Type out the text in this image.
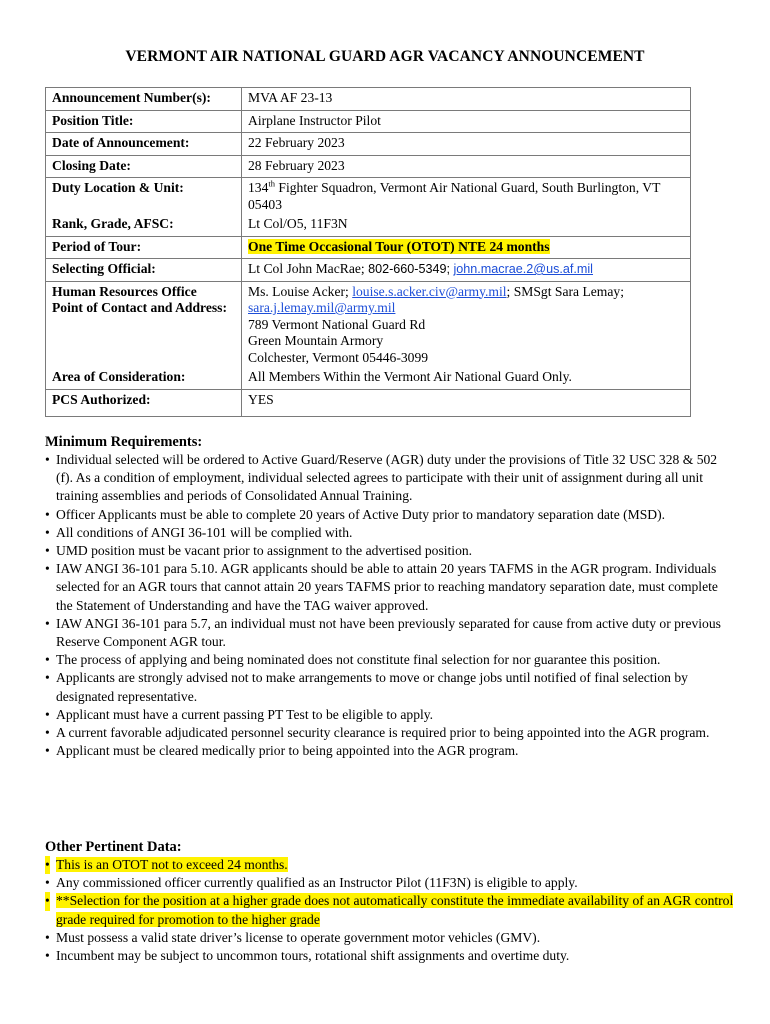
VERMONT AIR NATIONAL GUARD AGR VACANCY ANNOUNCEMENT
Announcement Number(s):	MVA AF 23-13
Position Title:	Airplane Instructor Pilot
Date of Announcement:	22 February 2023
Closing Date:	28 February 2023
Duty Location & Unit:	134th Fighter Squadron, Vermont Air National Guard, South Burlington, VT
05403
Rank, Grade, AFSC:	Lt Col/O5, 11F3N
Period of Tour:	One Time Occasional Tour (OTOT) NTE 24 months
Selecting Official:	Lt Col John MacRae; 802-660-5349; john.macrae.2@us.af.mil
Human Resources Office
Point of Contact and Address:	Ms. Louise Acker; louise.s.acker.civ@army.mil; SMSgt Sara Lemay;
sara.j.lemay.mil@army.mil
789 Vermont National Guard Rd
Green Mountain Armory
Colchester, Vermont 05446-3099
Area of Consideration:	All Members Within the Vermont Air National Guard Only.
PCS Authorized:	YES
Minimum Requirements:
• Individual selected will be ordered to Active Guard/Reserve (AGR) duty under the provisions of Title 32 USC 328 & 502 (f). As a condition of employment, individual selected agrees to participate with their unit of assignment during all unit training assemblies and periods of Consolidated Annual Training.
• Officer Applicants must be able to complete 20 years of Active Duty prior to mandatory separation date (MSD).
• All conditions of ANGI 36-101 will be complied with.
• UMD position must be vacant prior to assignment to the advertised position.
• IAW ANGI 36-101 para 5.10. AGR applicants should be able to attain 20 years TAFMS in the AGR program. Individuals selected for an AGR tours that cannot attain 20 years TAFMS prior to reaching mandatory separation date, must complete the Statement of Understanding and have the TAG waiver approved.
• IAW ANGI 36-101 para 5.7, an individual must not have been previously separated for cause from active duty or previous Reserve Component AGR tour.
• The process of applying and being nominated does not constitute final selection for nor guarantee this position.
• Applicants are strongly advised not to make arrangements to move or change jobs until notified of final selection by designated representative.
• Applicant must have a current passing PT Test to be eligible to apply.
• A current favorable adjudicated personnel security clearance is required prior to being appointed into the AGR program.
• Applicant must be cleared medically prior to being appointed into the AGR program.
Other Pertinent Data:
• This is an OTOT not to exceed 24 months.
• Any commissioned officer currently qualified as an Instructor Pilot (11F3N) is eligible to apply.
• **Selection for the position at a higher grade does not automatically constitute the immediate availability of an AGR control grade required for promotion to the higher grade
• Must possess a valid state driver’s license to operate government motor vehicles (GMV).
• Incumbent may be subject to uncommon tours, rotational shift assignments and overtime duty.
